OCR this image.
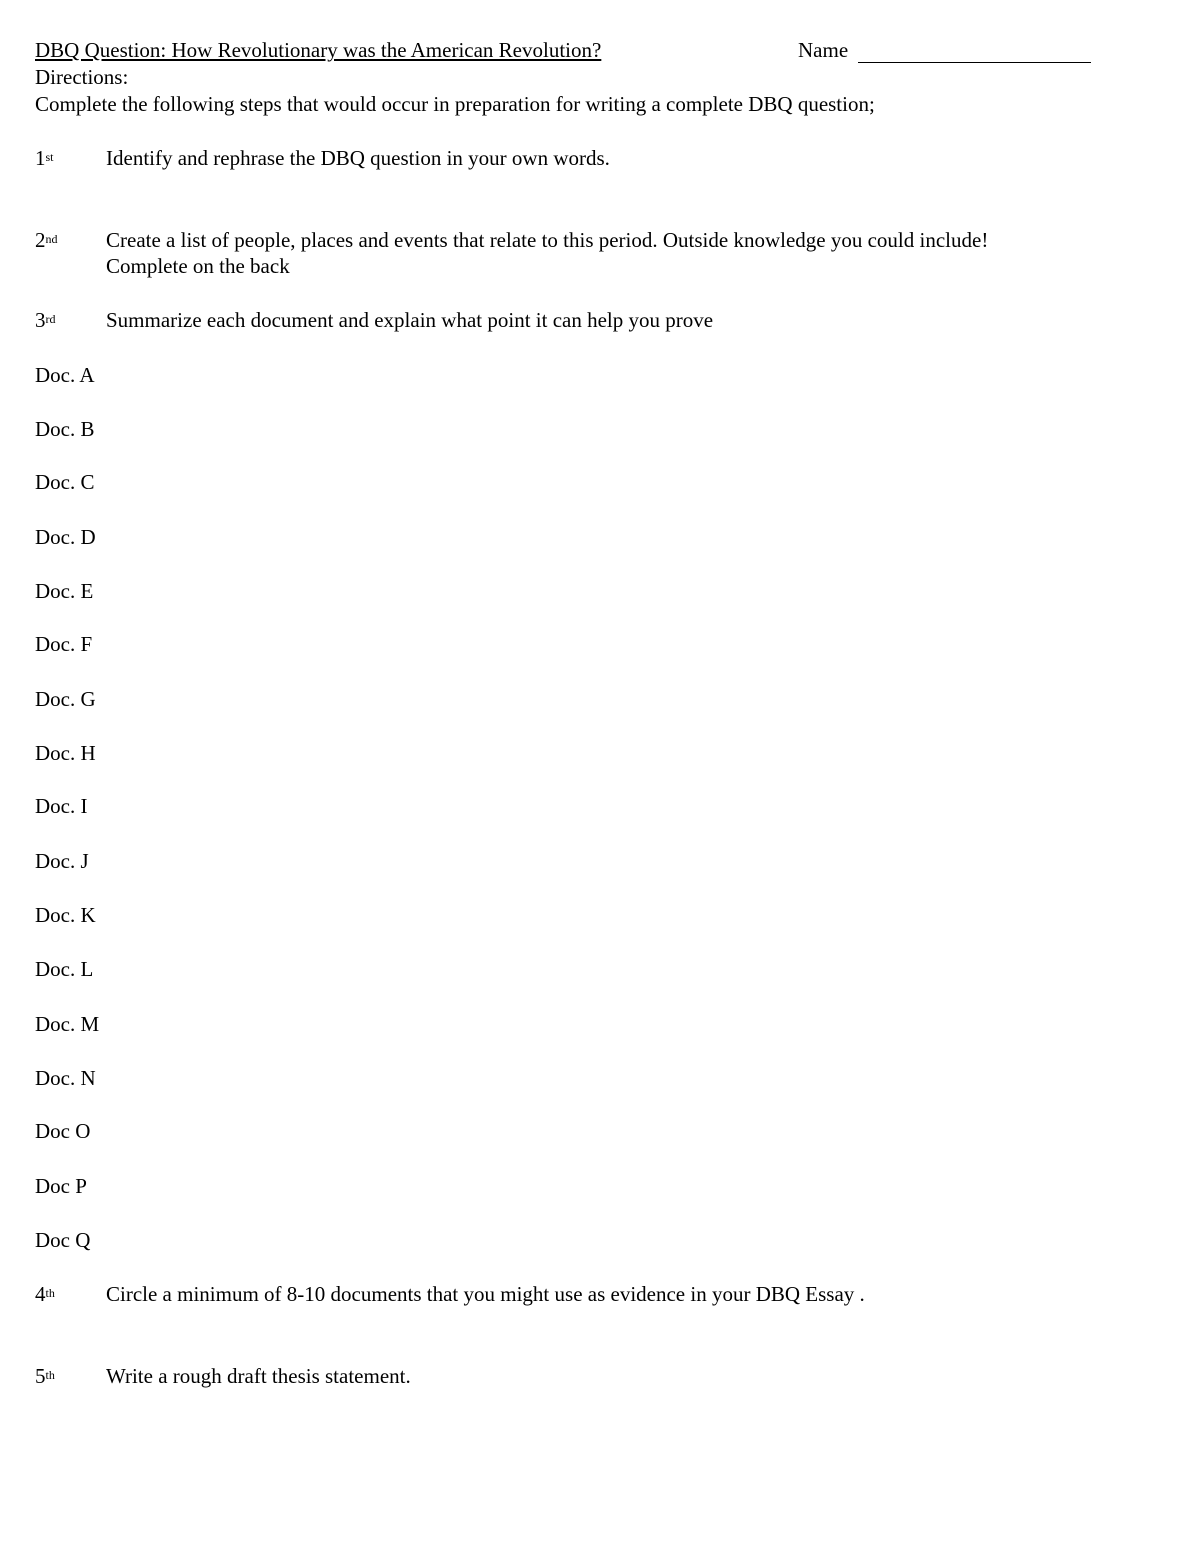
DBQ Question: How Revolutionary was the American Revolution?	Name
Directions:
Complete the following steps that would occur in preparation for writing a complete DBQ question;
1st Identify and rephrase the DBQ question in your own words.
2nd Create a list of people, places and events that relate to this period. Outside knowledge you could include!
Complete on the back
3rd Summarize each document and explain what point it can help you prove
Doc. A
Doc. B
Doc. C
Doc. D
Doc. E
Doc. F
Doc. G
Doc. H
Doc. I
Doc. J
Doc. K
Doc. L
Doc. M
Doc. N
Doc O
Doc P
Doc Q
4th Circle a minimum of 8-10 documents that you might use as evidence in your DBQ Essay .
5th Write a rough draft thesis statement.
